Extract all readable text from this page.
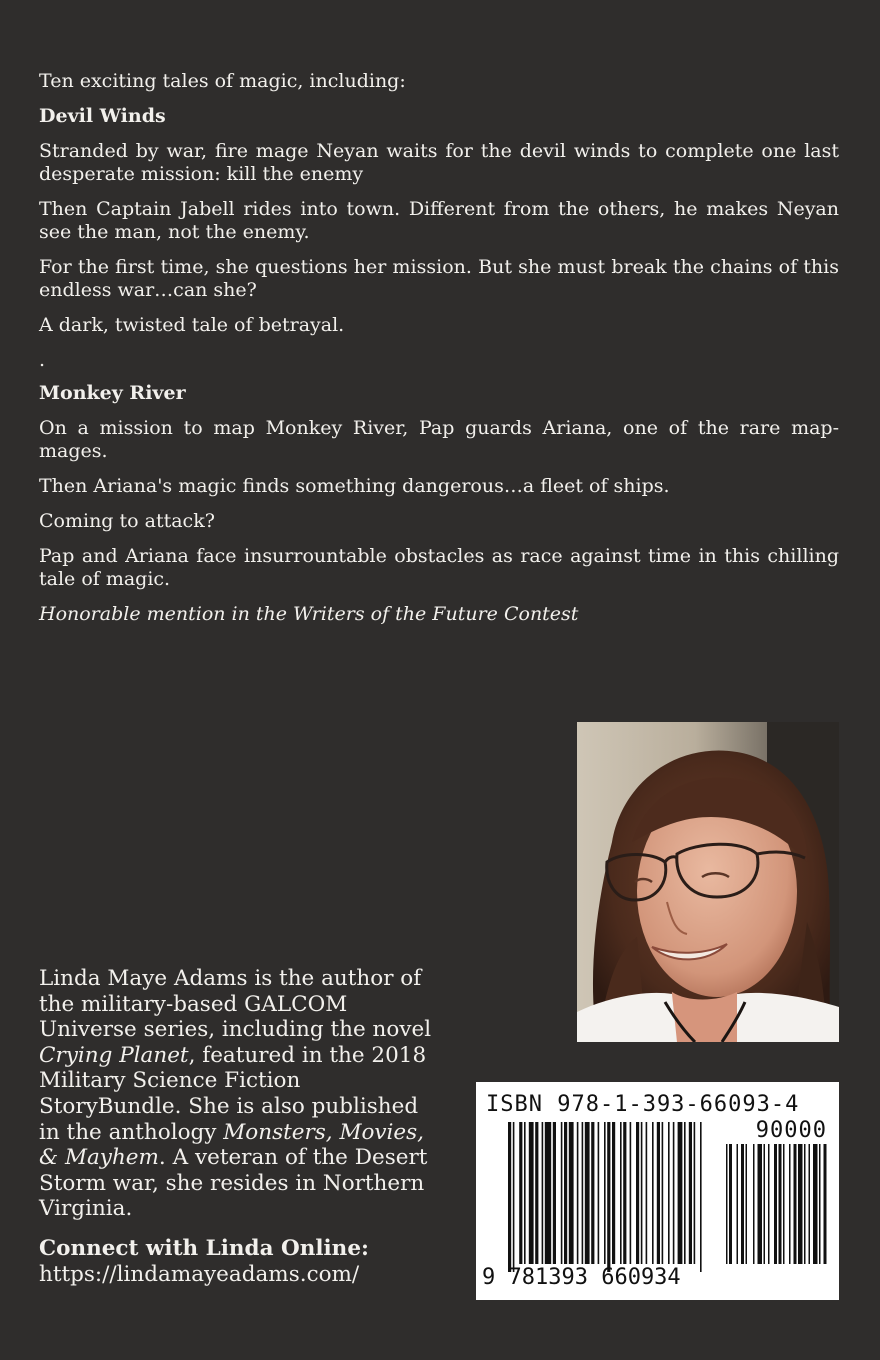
Ten exciting tales of magic, including:

Devil Winds

Stranded by war, fire mage Neyan waits for the devil winds to complete one last desperate mission: kill the enemy

Then Captain Jabell rides into town. Different from the others, he makes Neyan see the man, not the enemy.

For the first time, she questions her mission. But she must break the chains of this endless war…can she?

A dark, twisted tale of betrayal.

.

Monkey River

On a mission to map Monkey River, Pap guards Ariana, one of the rare map-mages.

Then Ariana's magic finds something dangerous…a fleet of ships.

Coming to attack?

Pap and Ariana face insurrountable obstacles as race against time in this chilling tale of magic.

Honorable mention in the Writers of the Future Contest

Linda Maye Adams is the author of the military-based GALCOM Universe series, including the novel Crying Planet, featured in the 2018 Military Science Fiction StoryBundle. She is also published in the anthology Monsters, Movies, & Mayhem. A veteran of the Desert Storm war, she resides in Northern Virginia.

Connect with Linda Online:
https://lindamayeadams.com/
ISBN 978-1-393-66093-4
90000
9 781393 660934
